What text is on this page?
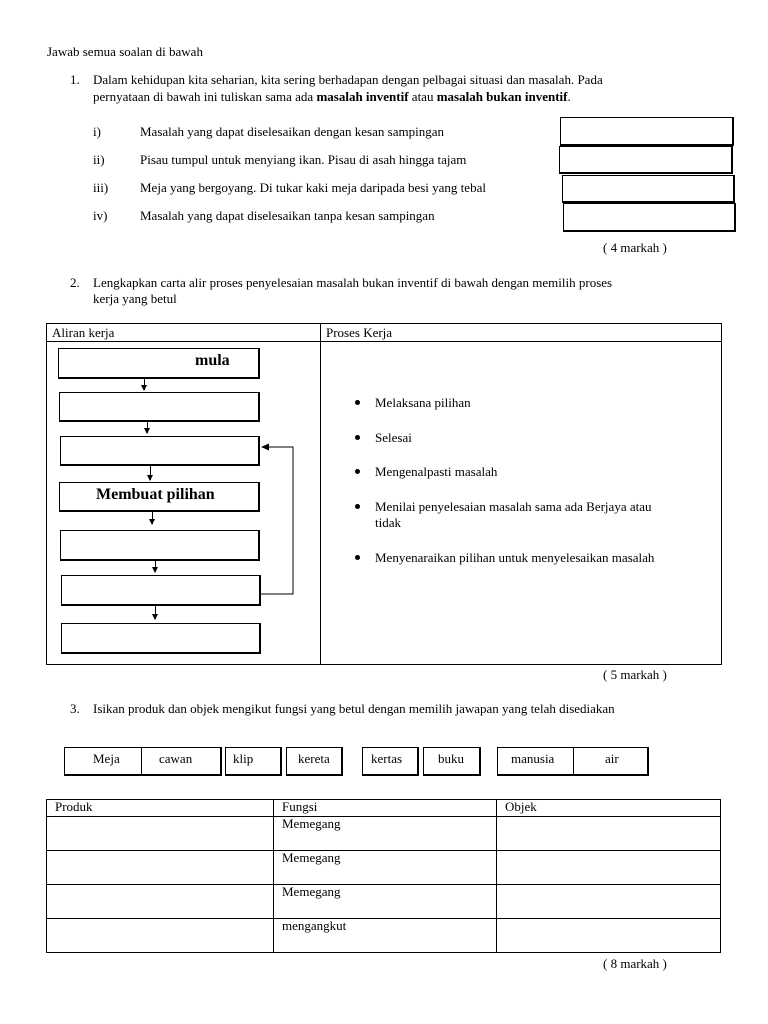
Jawab semua soalan di bawah
1. Dalam kehidupan kita seharian, kita sering berhadapan dengan pelbagai situasi dan masalah. Pada
pernyataan di bawah ini tuliskan sama ada masalah inventif atau masalah bukan inventif.
i)	Masalah yang dapat diselesaikan dengan kesan sampingan
ii)	Pisau tumpul untuk menyiang ikan. Pisau di asah hingga tajam
iii) Meja yang bergoyang. Di tukar kaki meja daripada besi yang tebal
iv)	Masalah yang dapat diselesaikan tanpa kesan sampingan
( 4 markah )
2. Lengkapkan carta alir proses penyelesaian masalah bukan inventif di bawah dengan memilih proses
kerja yang betul
Aliran kerja	Proses Kerja
mula
Membuat pilihan
Melaksana pilihan
Selesai
Mengenalpasti masalah
Menilai penyelesaian masalah sama ada Berjaya atau
tidak
Menyenaraikan pilihan untuk menyelesaikan masalah
( 5 markah )
3. Isikan produk dan objek mengikut fungsi yang betul dengan memilih jawapan yang telah disediakan
Meja	cawan	klip	kereta	kertas	buku	manusia	air
Produk	Fungsi	Objek
	Memegang	
	Memegang	
	Memegang	
	mengangkut	
( 8 markah )
